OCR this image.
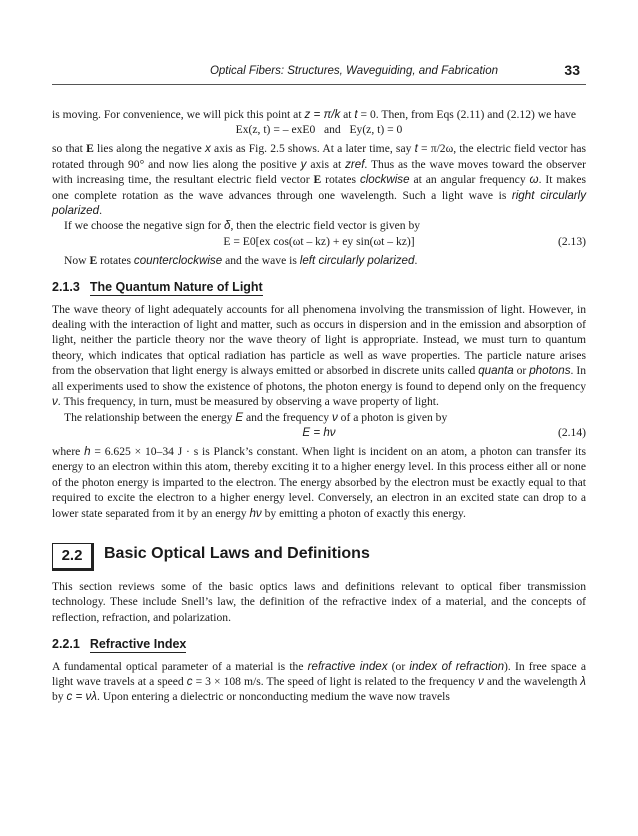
Optical Fibers: Structures, Waveguiding, and Fabrication	33

is moving. For convenience, we will pick this point at z = π/k at t = 0. Then, from Eqs (2.11) and (2.12) we have

Ex(z, t) = – exE0 and Ey(z, t) = 0

so that E lies along the negative x axis as Fig. 2.5 shows. At a later time, say t = π/2ω, the electric field vector has rotated through 90° and now lies along the positive y axis at zref. Thus as the wave moves toward the observer with increasing time, the resultant electric field vector E rotates clockwise at an angular frequency ω. It makes one complete rotation as the wave advances through one wavelength. Such a light wave is right circularly polarized.

If we choose the negative sign for δ, then the electric field vector is given by

E = E0[ex cos(ωt – kz) + ey sin(ωt – kz)]	(2.13)

Now E rotates counterclockwise and the wave is left circularly polarized.

2.1.3 The Quantum Nature of Light

The wave theory of light adequately accounts for all phenomena involving the transmission of light. However, in dealing with the interaction of light and matter, such as occurs in dispersion and in the emission and absorption of light, neither the particle theory nor the wave theory of light is appropriate. Instead, we must turn to quantum theory, which indicates that optical radiation has particle as well as wave properties. The particle nature arises from the observation that light energy is always emitted or absorbed in discrete units called quanta or photons. In all experiments used to show the existence of photons, the photon energy is found to depend only on the frequency ν. This frequency, in turn, must be measured by observing a wave property of light.

The relationship between the energy E and the frequency ν of a photon is given by

E = hν	(2.14)

where h = 6.625 × 10–34 J · s is Planck’s constant. When light is incident on an atom, a photon can transfer its energy to an electron within this atom, thereby exciting it to a higher energy level. In this process either all or none of the photon energy is imparted to the electron. The energy absorbed by the electron must be exactly equal to that required to excite the electron to a higher energy level. Conversely, an electron in an excited state can drop to a lower state separated from it by an energy hν by emitting a photon of exactly this energy.

2.2	Basic Optical Laws and Definitions

This section reviews some of the basic optics laws and definitions relevant to optical fiber transmission technology. These include Snell’s law, the definition of the refractive index of a material, and the concepts of reflection, refraction, and polarization.

2.2.1 Refractive Index

A fundamental optical parameter of a material is the refractive index (or index of refraction). In free space a light wave travels at a speed c = 3 × 108 m/s. The speed of light is related to the frequency ν and the wavelength λ by c = νλ. Upon entering a dielectric or nonconducting medium the wave now travels
